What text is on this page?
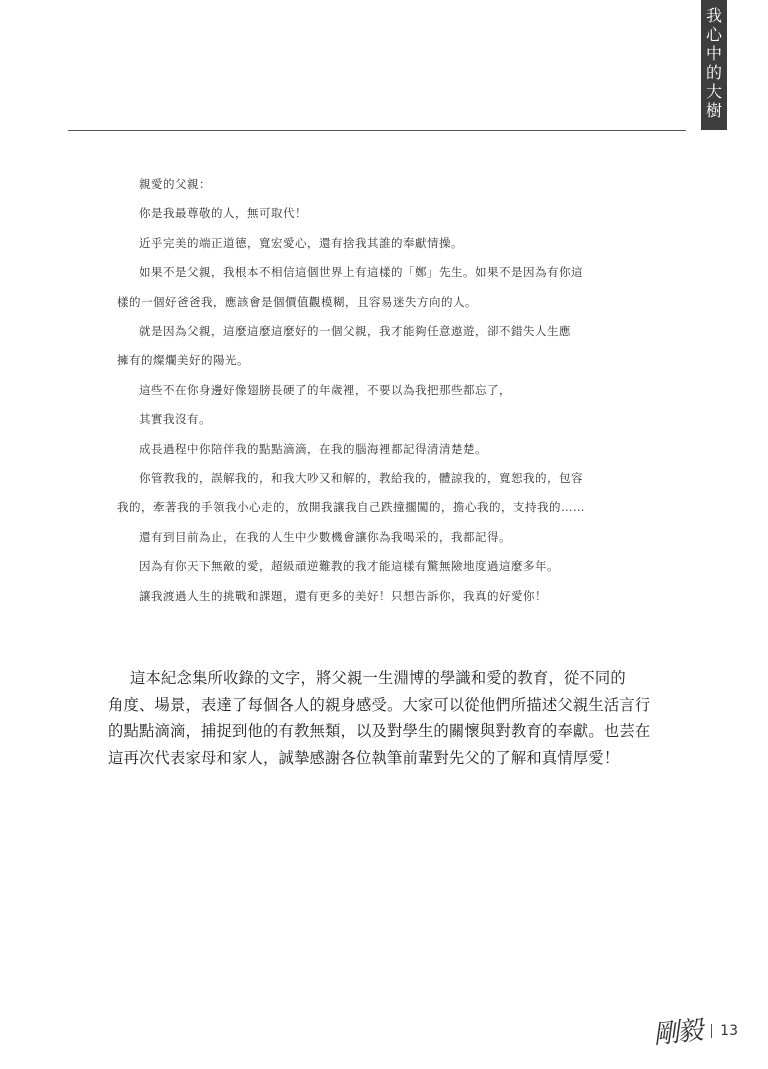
我
心
中
的
大
樹

親愛的父親：

你是我最尊敬的人，無可取代！

近乎完美的端正道德，寬宏愛心，還有捨我其誰的奉獻情操。

如果不是父親，我根本不相信這個世界上有這樣的「鄭」先生。如果不是因為有你這

樣的一個好爸爸我，應該會是個價值觀模糊，且容易迷失方向的人。

就是因為父親，這麼這麼這麼好的一個父親，我才能夠任意遨遊，卻不錯失人生應

擁有的燦爛美好的陽光。

這些不在你身邊好像翅膀長硬了的年歲裡，不要以為我把那些都忘了，

其實我沒有。

成長過程中你陪伴我的點點滴滴，在我的腦海裡都記得清清楚楚。

你管教我的，誤解我的，和我大吵又和解的，教給我的，體諒我的，寬恕我的，包容

我的，牽著我的手領我小心走的，放開我讓我自己跌撞擱闖的，擔心我的，支持我的……

還有到目前為止，在我的人生中少數機會讓你為我喝采的，我都記得。

因為有你天下無敵的愛，超級頑逆難教的我才能這樣有驚無險地度過這麼多年。

讓我渡過人生的挑戰和課題，還有更多的美好！只想告訴你，我真的好愛你！

這本紀念集所收錄的文字，將父親一生淵博的學識和愛的教育，從不同的

角度、場景，表達了每個各人的親身感受。大家可以從他們所描述父親生活言行

的點點滴滴，捕捉到他的有教無類，以及對學生的關懷與對教育的奉獻。也芸在

這再次代表家母和家人，誠摯感謝各位執筆前輩對先父的了解和真情厚愛！

剛毅 13
